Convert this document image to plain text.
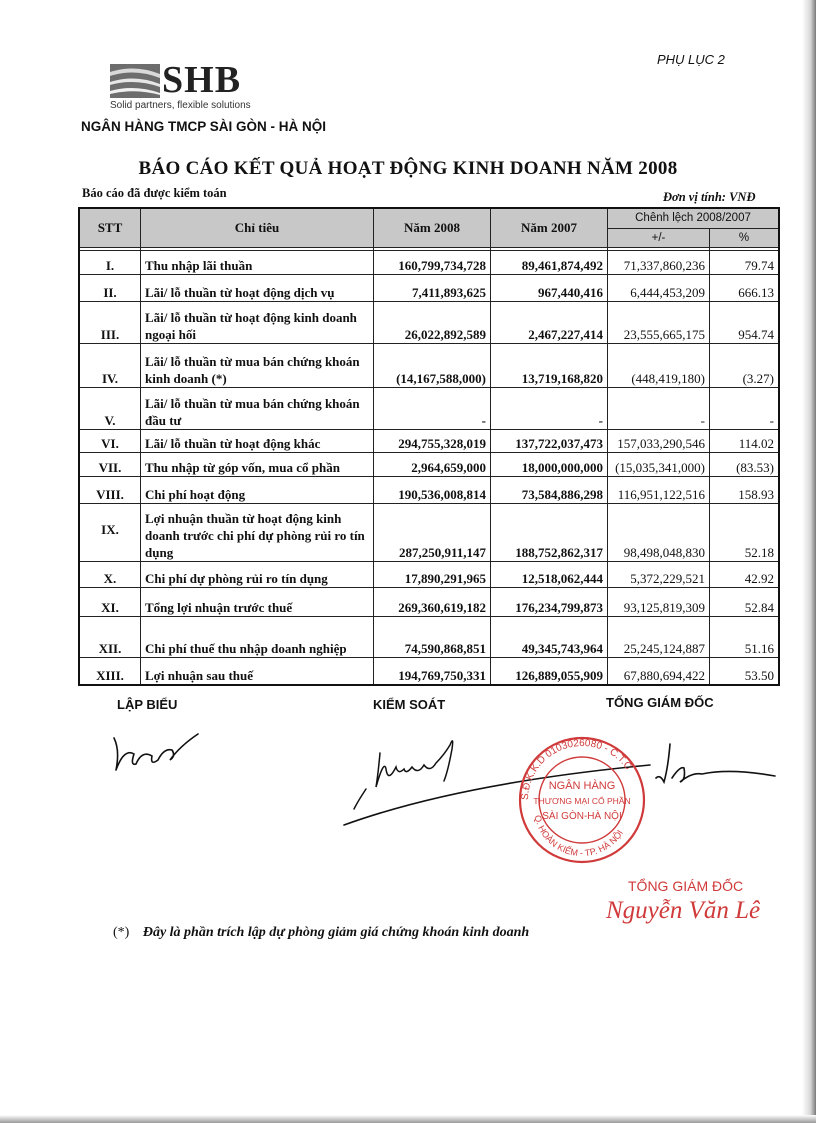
PHỤ LỤC 2
SHB
Solid partners, flexible solutions
NGÂN HÀNG TMCP SÀI GÒN - HÀ NỘI
BÁO CÁO KẾT QUẢ HOẠT ĐỘNG KINH DOANH NĂM 2008
Báo cáo đã được kiểm toán	Đơn vị tính: VNĐ
STT	Chỉ tiêu	Năm 2008	Năm 2007	Chênh lệch 2008/2007	
				+/-	%

I.	Thu nhập lãi thuần	160,799,734,728	89,461,874,492	71,337,860,236	79.74
II.	Lãi/ lỗ thuần từ hoạt động dịch vụ	7,411,893,625	967,440,416	6,444,453,209	666.13
III.	Lãi/ lỗ thuần từ hoạt động kinh doanh ngoại hối	26,022,892,589	2,467,227,414	23,555,665,175	954.74
IV.	Lãi/ lỗ thuần từ mua bán chứng khoán kinh doanh (*)	(14,167,588,000)	13,719,168,820	(448,419,180)	(3.27)
V.	Lãi/ lỗ thuần từ mua bán chứng khoán đầu tư	-	-	-	-
VI.	Lãi/ lỗ thuần từ hoạt động khác	294,755,328,019	137,722,037,473	157,033,290,546	114.02
VII.	Thu nhập từ góp vốn, mua cổ phần	2,964,659,000	18,000,000,000	(15,035,341,000)	(83.53)
VIII.	Chi phí hoạt động	190,536,008,814	73,584,886,298	116,951,122,516	158.93
IX.	Lợi nhuận thuần từ hoạt động kinh doanh trước chi phí dự phòng rủi ro tín dụng	287,250,911,147	188,752,862,317	98,498,048,830	52.18
X.	Chi phí dự phòng rủi ro tín dụng	17,890,291,965	12,518,062,444	5,372,229,521	42.92
XI.	Tổng lợi nhuận trước thuế	269,360,619,182	176,234,799,873	93,125,819,309	52.84
XII.	Chi phí thuế thu nhập doanh nghiệp	74,590,868,851	49,345,743,964	25,245,124,887	51.16
XIII.	Lợi nhuận sau thuế	194,769,750,331	126,889,055,909	67,880,694,422	53.50
LẬP BIỂU	KIỂM SOÁT	TỔNG GIÁM ĐỐC
S.Đ.K.K.D 0103026080 - C.T.C
Q. HOÀN KIẾM - TP. HÀ NỘI
NGÂN HÀNG
THƯƠNG MẠI CỔ PHẦN
SÀI GÒN-HÀ NỘI
TỔNG GIÁM ĐỐC
Nguyễn Văn Lê
(*) Đây là phần trích lập dự phòng giảm giá chứng khoán kinh doanh
